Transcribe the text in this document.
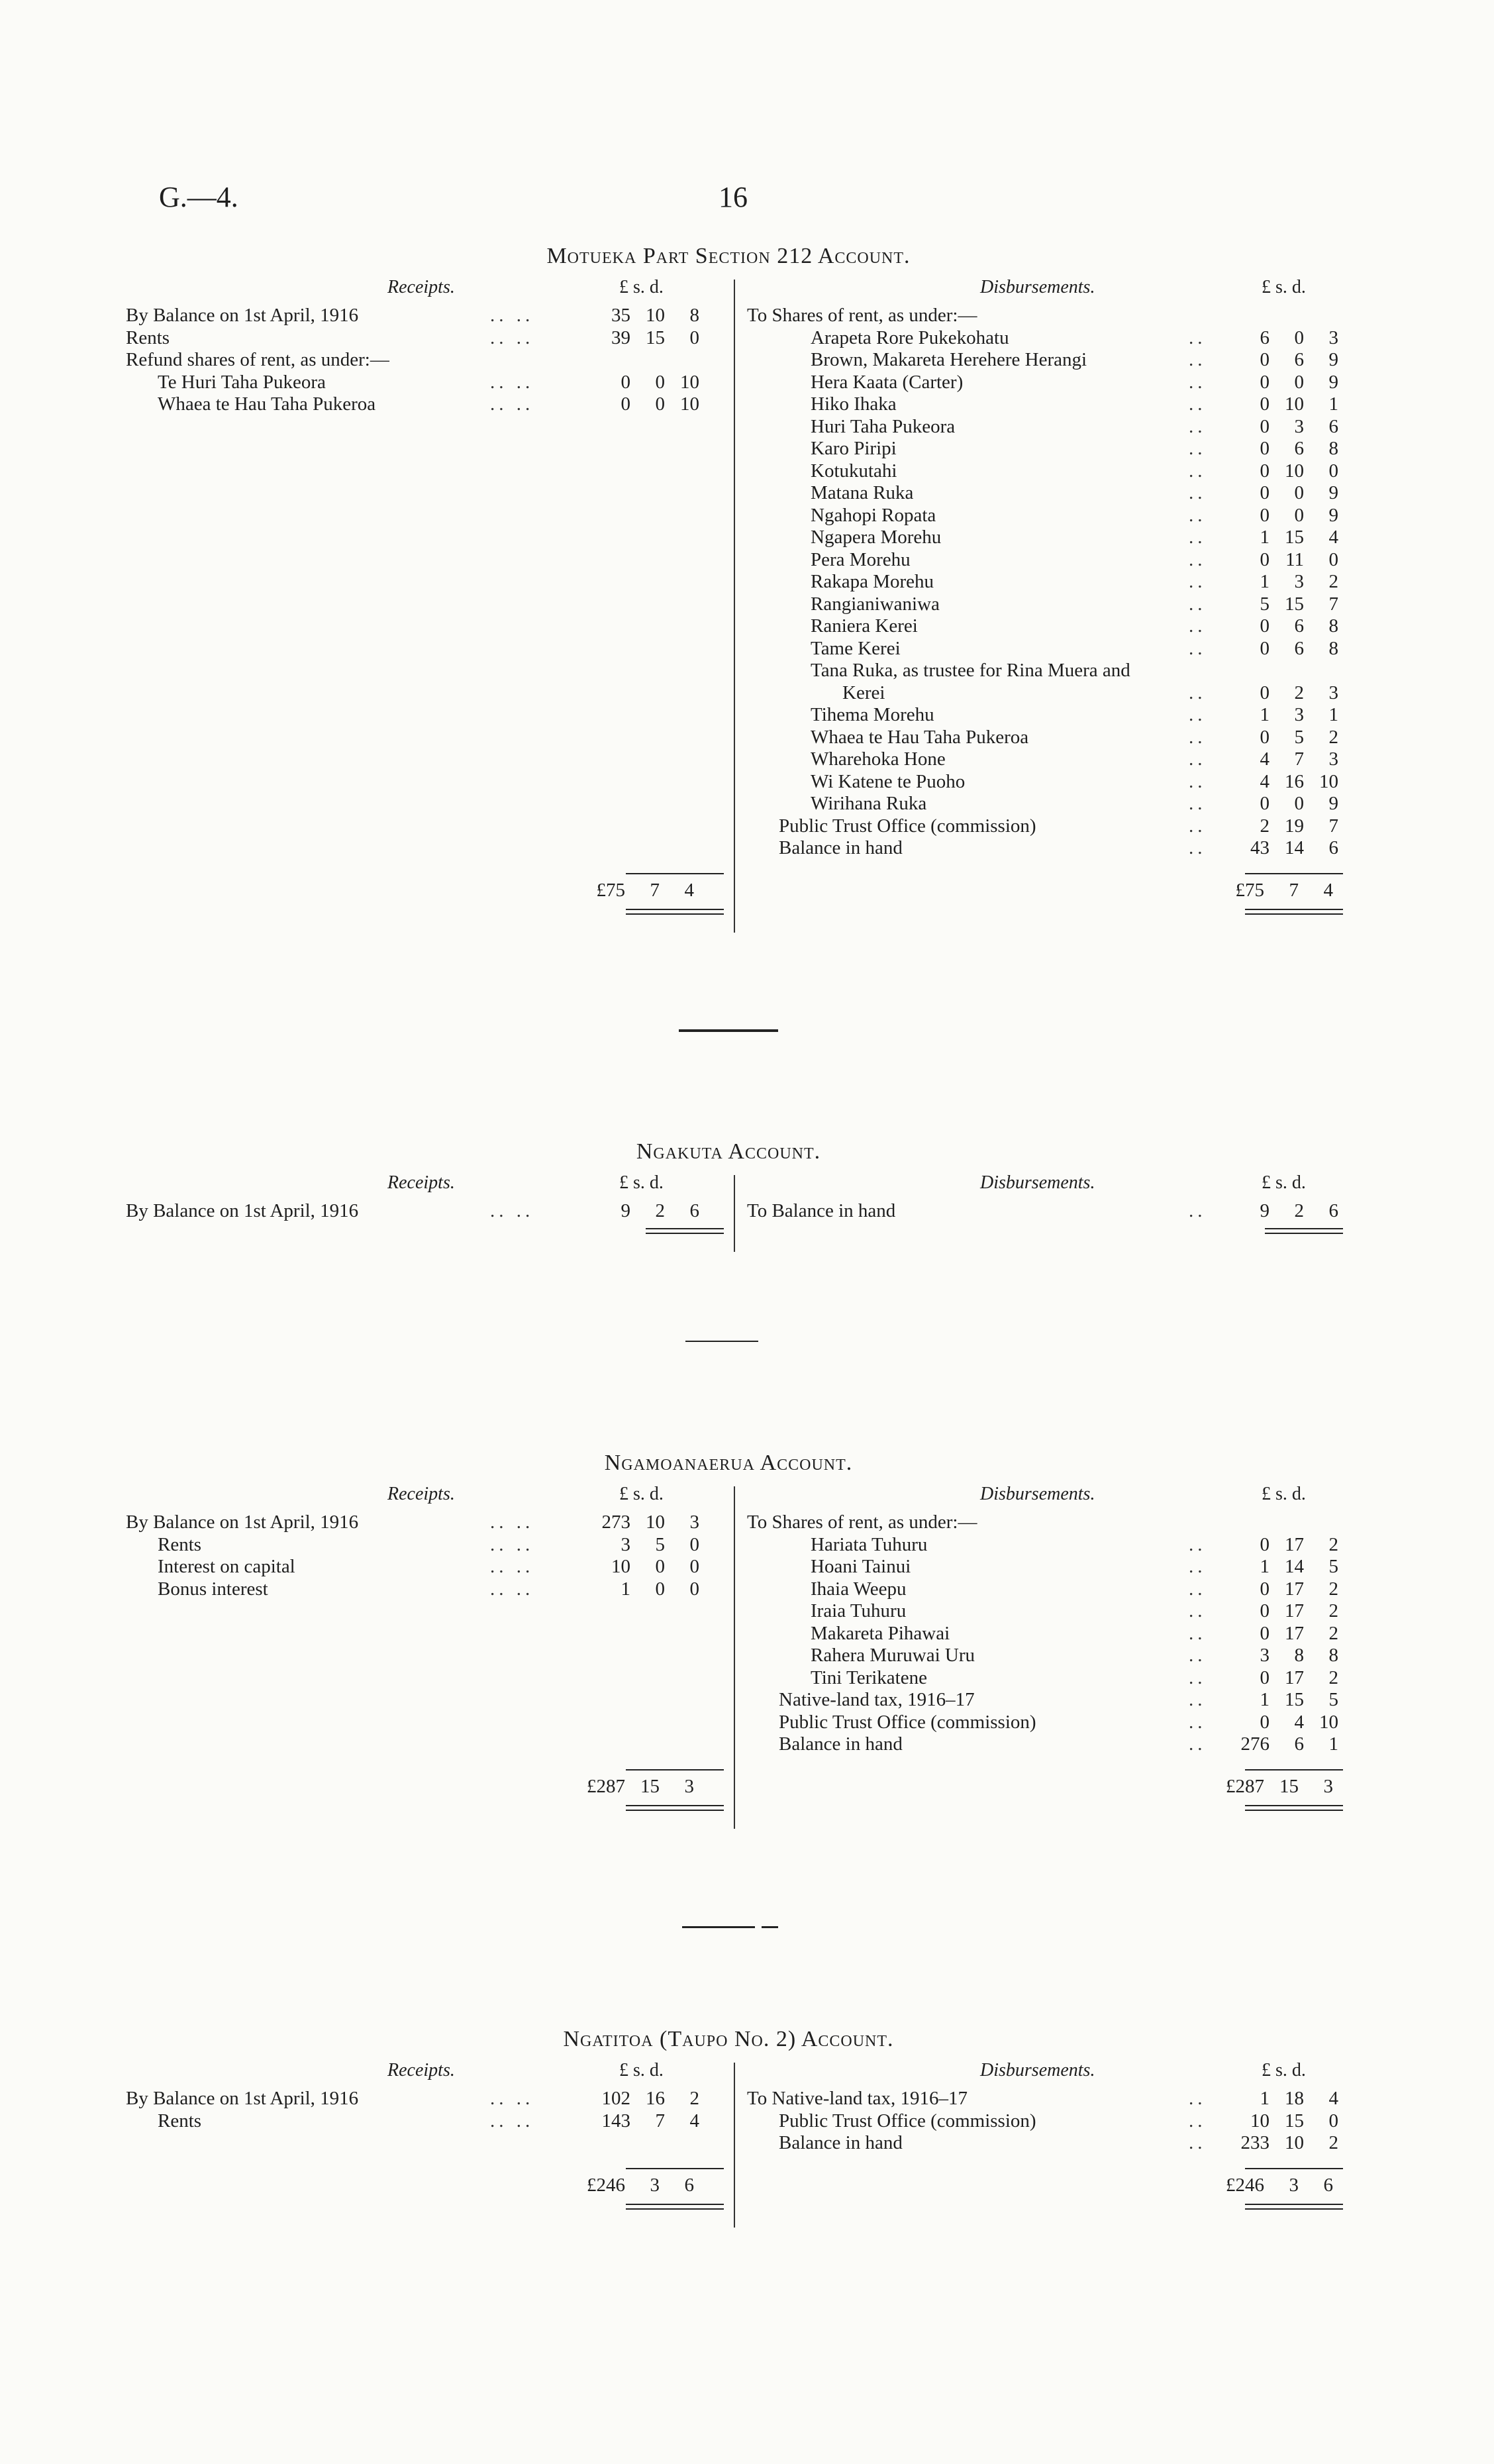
G.—4.	16
Motueka Part Section 212 Account.
Receipts.	£ s. d.	Disbursements.	£ s. d.
By Balance on 1st April, 1916	.. ..	35 10 8
Rents	.. ..	39 15 0
Refund shares of rent, as under:—
Te Huri Taha Pukeora	.. ..	0 0 10
Whaea te Hau Taha Pukeroa	.. ..	0 0 10
To Shares of rent, as under:—
Arapeta Rore Pukekohatu	..	6 0 3
Brown, Makareta Herehere Herangi	..	0 6 9
Hera Kaata (Carter)	..	0 0 9
Hiko Ihaka	..	0 10 1
Huri Taha Pukeora	..	0 3 6
Karo Piripi	..	0 6 8
Kotukutahi	..	0 10 0
Matana Ruka	..	0 0 9
Ngahopi Ropata	..	0 0 9
Ngapera Morehu	..	1 15 4
Pera Morehu	..	0 11 0
Rakapa Morehu	..	1 3 2
Rangianiwaniwa	..	5 15 7
Raniera Kerei	..	0 6 8
Tame Kerei	..	0 6 8
Tana Ruka, as trustee for Rina Muera and
Kerei	..	0 2 3
Tihema Morehu	..	1 3 1
Whaea te Hau Taha Pukeroa	..	0 5 2
Wharehoka Hone	..	4 7 3
Wi Katene te Puoho	..	4 16 10
Wirihana Ruka	..	0 0 9
Public Trust Office (commission)	..	2 19 7
Balance in hand	..	43 14 6
£75 7 4	£75 7 4
Ngakuta Account.
Receipts.	£ s. d.	Disbursements.	£ s. d.
By Balance on 1st April, 1916	.. ..	9 2 6 To Balance in hand	..	9 2 6
Ngamoanaerua Account.
Receipts.	£ s. d.	Disbursements.	£ s. d.
By Balance on 1st April, 1916	.. ..	273 10 3
Rents	.. ..	3 5 0
Interest on capital	.. ..	10 0 0
Bonus interest	.. ..	1 0 0
To Shares of rent, as under:—
Hariata Tuhuru	..	0 17 2
Hoani Tainui	..	1 14 5
Ihaia Weepu	..	0 17 2
Iraia Tuhuru	..	0 17 2
Makareta Pihawai	..	0 17 2
Rahera Muruwai Uru	..	3 8 8
Tini Terikatene	..	0 17 2
Native-land tax, 1916–17	..	1 15 5
Public Trust Office (commission)	..	0 4 10
Balance in hand	..	276 6 1
£287 15 3	£287 15 3
Ngatitoa (Taupo No. 2) Account.
Receipts.	£ s. d.	Disbursements.	£ s. d.
By Balance on 1st April, 1916	.. ..	102 16 2
Rents	.. ..	143 7 4
To Native-land tax, 1916–17	..	1 18 4
Public Trust Office (commission)	..	10 15 0
Balance in hand	..	233 10 2
£246 3 6	£246 3 6
